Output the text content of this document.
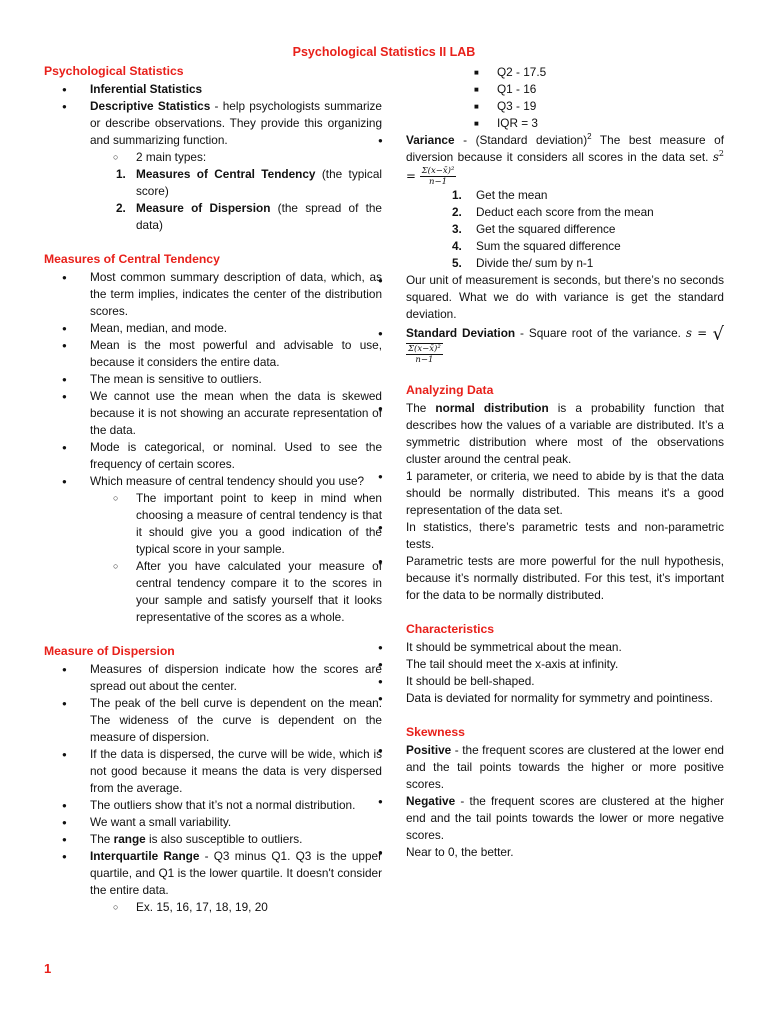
Psychological Statistics II LAB
Psychological Statistics
● Inferential Statistics
● Descriptive Statistics - help psychologists summarize or describe observations. They provide this organizing and summarizing function.
○ 2 main types:
1. Measures of Central Tendency (the typical score)
2. Measure of Dispersion (the spread of the data)
Measures of Central Tendency
● Most common summary description of data, which, as the term implies, indicates the center of the distribution scores.
● Mean, median, and mode.
● Mean is the most powerful and advisable to use, because it considers the entire data.
● The mean is sensitive to outliers.
● We cannot use the mean when the data is skewed because it is not showing an accurate representation of the data.
● Mode is categorical, or nominal. Used to see the frequency of certain scores.
● Which measure of central tendency should you use?
○ The important point to keep in mind when choosing a measure of central tendency is that it should give you a good indication of the typical score in your sample.
○ After you have calculated your measure of central tendency compare it to the scores in your sample and satisfy yourself that it looks representative of the scores as a whole.
Measure of Dispersion
● Measures of dispersion indicate how the scores are spread out about the center.
● The peak of the bell curve is dependent on the mean. The wideness of the curve is dependent on the measure of dispersion.
● If the data is dispersed, the curve will be wide, which is not good because it means the data is very dispersed from the average.
● The outliers show that it’s not a normal distribution.
● We want a small variability.
● The range is also susceptible to outliers.
● Interquartile Range - Q3 minus Q1. Q3 is the upper quartile, and Q1 is the lower quartile. It doesn't consider the entire data.
○ Ex. 15, 16, 17, 18, 19, 20
■ Q2 - 17.5
■ Q1 - 16
■ Q3 - 19
■ IQR = 3
● Variance - (Standard deviation)$^2$ The best measure of diversion because it considers all scores in the data set. $s^2 = \frac{\text{Σ(x−x̄)²}}{n-1}$
1. Get the mean
2. Deduct each score from the mean
3. Get the squared difference
4. Sum the squared difference
5. Divide the/ sum by n-1
● Our unit of measurement is seconds, but there’s no seconds squared. What we do with variance is get the standard deviation.
● Standard Deviation - Square root of the variance. s = √
$\frac{\text{Σ(x−x̄)²}}{n-1}$
Analyzing Data
● The normal distribution is a probability function that describes how the values of a variable are distributed. It’s a symmetric distribution where most of the observations cluster around the central peak.
● 1 parameter, or criteria, we need to abide by is that the data should be normally distributed. This means it's a good representation of the data set.
● In statistics, there’s parametric tests and non-parametric tests.
● Parametric tests are more powerful for the null hypothesis, because it’s normally distributed. For this test, it’s important for the data to be normally distributed.
Characteristics
● It should be symmetrical about the mean.
● The tail should meet the x-axis at infinity.
● It should be bell-shaped.
● Data is deviated for normality for symmetry and pointiness.
Skewness
● Positive - the frequent scores are clustered at the lower end and the tail points towards the higher or more positive scores.
● Negative - the frequent scores are clustered at the higher end and the tail points towards the lower or more negative scores.
● Near to 0, the better.
1
